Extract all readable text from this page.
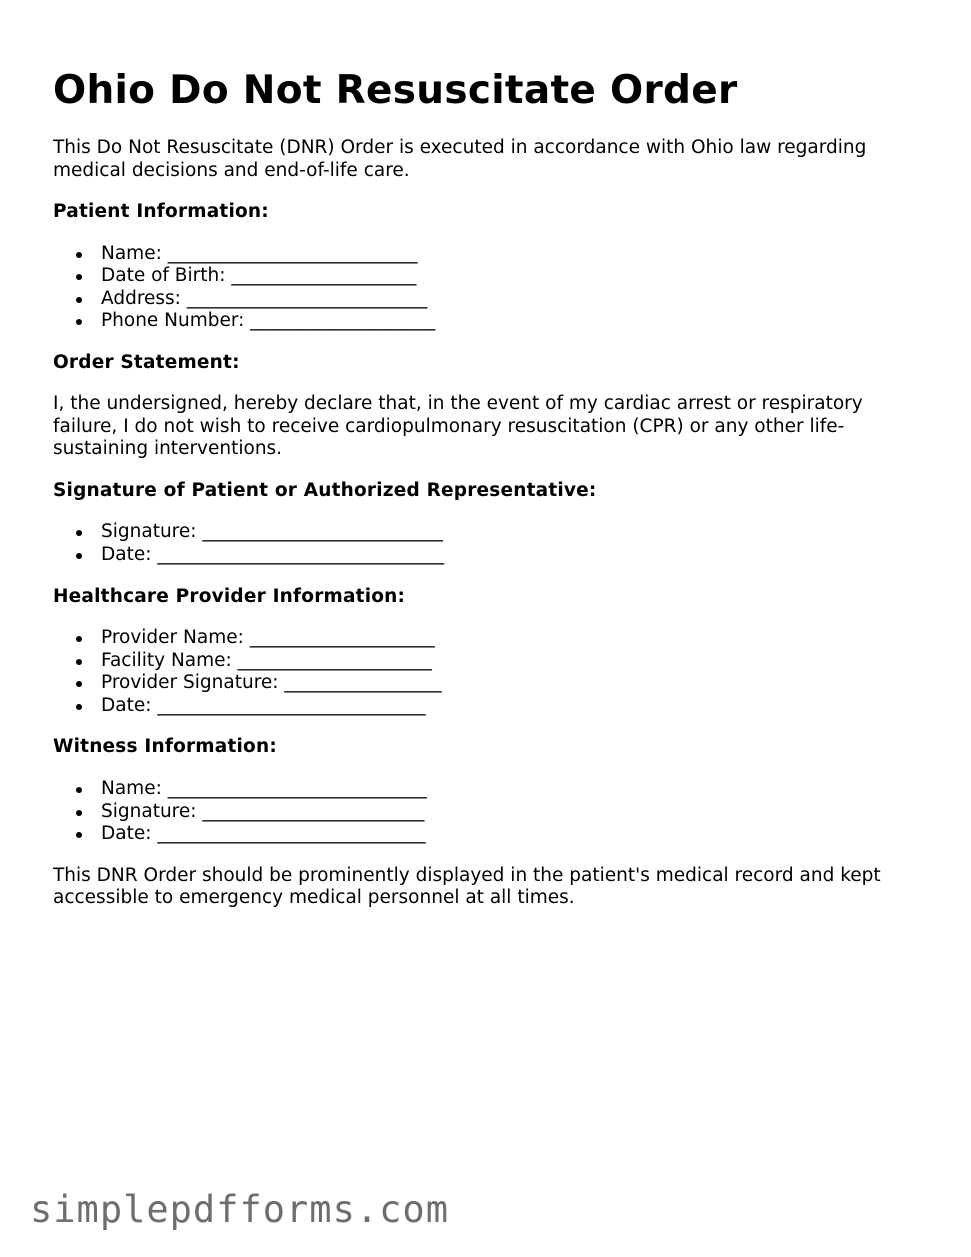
Ohio Do Not Resuscitate Order

This Do Not Resuscitate (DNR) Order is executed in accordance with Ohio law regarding medical decisions and end-of-life care.

Patient Information:
Name: ___________________________
Date of Birth: ____________________
Address: __________________________
Phone Number: ____________________
Order Statement:

I, the undersigned, hereby declare that, in the event of my cardiac arrest or respiratory failure, I do not wish to receive cardiopulmonary resuscitation (CPR) or any other life-sustaining interventions.

Signature of Patient or Authorized Representative:
Signature: __________________________
Date: _______________________________
Healthcare Provider Information:
Provider Name: ____________________
Facility Name: _____________________
Provider Signature: _________________
Date: _____________________________
Witness Information:
Name: ____________________________
Signature: ________________________
Date: _____________________________

This DNR Order should be prominently displayed in the patient's medical record and kept accessible to emergency medical personnel at all times.

simplepdfforms.com
